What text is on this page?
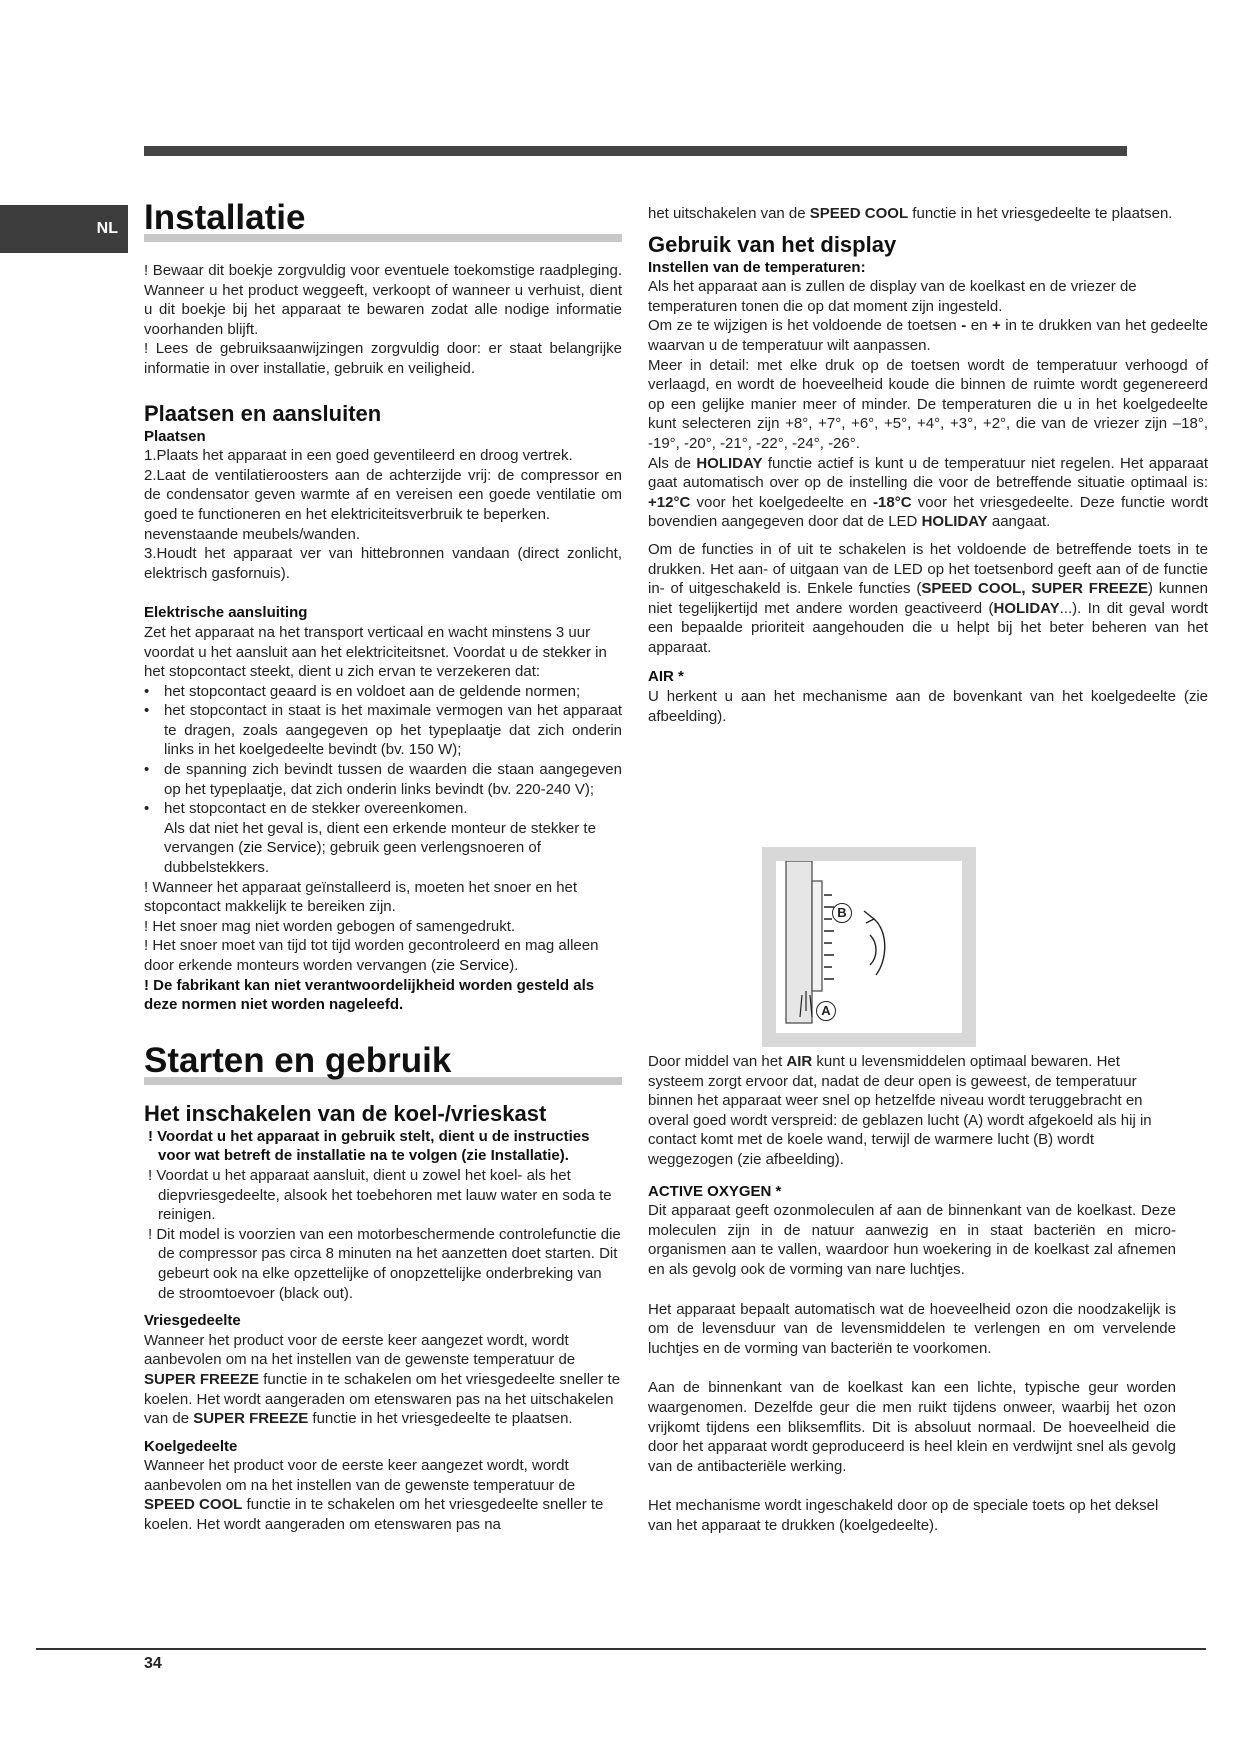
NL Installatie

! Bewaar dit boekje zorgvuldig voor eventuele toekomstige raadpleging. Wanneer u het product weggeeft, verkoopt of wanneer u verhuist, dient u dit boekje bij het apparaat te bewaren zodat alle nodige informatie voorhanden blijft.

! Lees de gebruiksaanwijzingen zorgvuldig door: er staat belangrijke informatie in over installatie, gebruik en veiligheid.

Plaatsen en aansluiten

Plaatsen

1.Plaats het apparaat in een goed geventileerd en droog vertrek.

2.Laat de ventilatieroosters aan de achterzijde vrij: de compressor en de condensator geven warmte af en vereisen een goede ventilatie om goed te functioneren en het elektriciteitsverbruik te beperken.

nevenstaande meubels/wanden.

3.Houdt het apparaat ver van hittebronnen vandaan (direct zonlicht, elektrisch gasfornuis).

Elektrische aansluiting

Zet het apparaat na het transport verticaal en wacht minstens 3 uur voordat u het aansluit aan het elektriciteitsnet. Voordat u de stekker in het stopcontact steekt, dient u zich ervan te verzekeren dat:

• het stopcontact geaard is en voldoet aan de geldende normen;
• het stopcontact in staat is het maximale vermogen van het apparaat te dragen, zoals aangegeven op het typeplaatje dat zich onderin links in het koelgedeelte bevindt (bv. 150 W);
• de spanning zich bevindt tussen de waarden die staan aangegeven op het typeplaatje, dat zich onderin links bevindt (bv. 220-240 V);
• het stopcontact en de stekker overeenkomen.

Als dat niet het geval is, dient een erkende monteur de stekker te vervangen (zie Service); gebruik geen verlengsnoeren of dubbelstekkers.

! Wanneer het apparaat geïnstalleerd is, moeten het snoer en het stopcontact makkelijk te bereiken zijn.

! Het snoer mag niet worden gebogen of samengedrukt.

! Het snoer moet van tijd tot tijd worden gecontroleerd en mag alleen door erkende monteurs worden vervangen (zie Service).

! De fabrikant kan niet verantwoordelijkheid worden gesteld als deze normen niet worden nageleefd.

Starten en gebruik
Het inschakelen van de koel-/vrieskast

! Voordat u het apparaat in gebruik stelt, dient u de instructies voor wat betreft de installatie na te volgen (zie Installatie).

! Voordat u het apparaat aansluit, dient u zowel het koel- als het diepvriesgedeelte, alsook het toebehoren met lauw water en soda te reinigen.

! Dit model is voorzien van een motorbeschermende controlefunctie die de compressor pas circa 8 minuten na het aanzetten doet starten. Dit gebeurt ook na elke opzettelijke of onopzettelijke onderbreking van de stroomtoevoer (black out).

Vriesgedeelte

Wanneer het product voor de eerste keer aangezet wordt, wordt aanbevolen om na het instellen van de gewenste temperatuur de SUPER FREEZE functie in te schakelen om het vriesgedeelte sneller te koelen. Het wordt aangeraden om etenswaren pas na het uitschakelen van de SUPER FREEZE functie in het vriesgedeelte te plaatsen.

Koelgedeelte

Wanneer het product voor de eerste keer aangezet wordt, wordt aanbevolen om na het instellen van de gewenste temperatuur de SPEED COOL functie in te schakelen om het vriesgedeelte sneller te koelen. Het wordt aangeraden om etenswaren pas na

het uitschakelen van de SPEED COOL functie in het vriesgedeelte te plaatsen.

Gebruik van het display

Instellen van de temperaturen:

Als het apparaat aan is zullen de display van de koelkast en de vriezer de temperaturen tonen die op dat moment zijn ingesteld.

Om ze te wijzigen is het voldoende de toetsen - en + in te drukken van het gedeelte waarvan u de temperatuur wilt aanpassen.

Meer in detail: met elke druk op de toetsen wordt de temperatuur verhoogd of verlaagd, en wordt de hoeveelheid koude die binnen de ruimte wordt gegenereerd op een gelijke manier meer of minder. De temperaturen die u in het koelgedeelte kunt selecteren zijn +8°, +7°, +6°, +5°, +4°, +3°, +2°, die van de vriezer zijn –18°, -19°, -20°, -21°, -22°, -24°, -26°.

Als de HOLIDAY functie actief is kunt u de temperatuur niet regelen. Het apparaat gaat automatisch over op de instelling die voor de betreffende situatie optimaal is: +12°C voor het koelgedeelte en -18°C voor het vriesgedeelte. Deze functie wordt bovendien aangegeven door dat de LED HOLIDAY aangaat.

Om de functies in of uit te schakelen is het voldoende de betreffende toets in te drukken. Het aan- of uitgaan van de LED op het toetsenbord geeft aan of de functie in- of uitgeschakeld is. Enkele functies (SPEED COOL, SUPER FREEZE) kunnen niet tegelijkertijd met andere worden geactiveerd (HOLIDAY...). In dit geval wordt een bepaalde prioriteit aangehouden die u helpt bij het beter beheren van het apparaat.

AIR *

U herkent u aan het mechanisme aan de bovenkant van het koelgedeelte (zie afbeelding).

B
A

Door middel van het AIR kunt u levensmiddelen optimaal bewaren. Het systeem zorgt ervoor dat, nadat de deur open is geweest, de temperatuur binnen het apparaat weer snel op hetzelfde niveau wordt teruggebracht en overal goed wordt verspreid: de geblazen lucht (A) wordt afgekoeld als hij in contact komt met de koele wand, terwijl de warmere lucht (B) wordt weggezogen (zie afbeelding).

ACTIVE OXYGEN *

Dit apparaat geeft ozonmoleculen af aan de binnenkant van de koelkast. Deze moleculen zijn in de natuur aanwezig en in staat bacteriën en micro-organismen aan te vallen, waardoor hun woekering in de koelkast zal afnemen en als gevolg ook de vorming van nare luchtjes.

Het apparaat bepaalt automatisch wat de hoeveelheid ozon die noodzakelijk is om de levensduur van de levensmiddelen te verlengen en om vervelende luchtjes en de vorming van bacteriën te voorkomen.

Aan de binnenkant van de koelkast kan een lichte, typische geur worden waargenomen. Dezelfde geur die men ruikt tijdens onweer, waarbij het ozon vrijkomt tijdens een bliksemflits. Dit is absoluut normaal. De hoeveelheid die door het apparaat wordt geproduceerd is heel klein en verdwijnt snel als gevolg van de antibacteriële werking.

Het mechanisme wordt ingeschakeld door op de speciale toets op het deksel van het apparaat te drukken (koelgedeelte).

34
